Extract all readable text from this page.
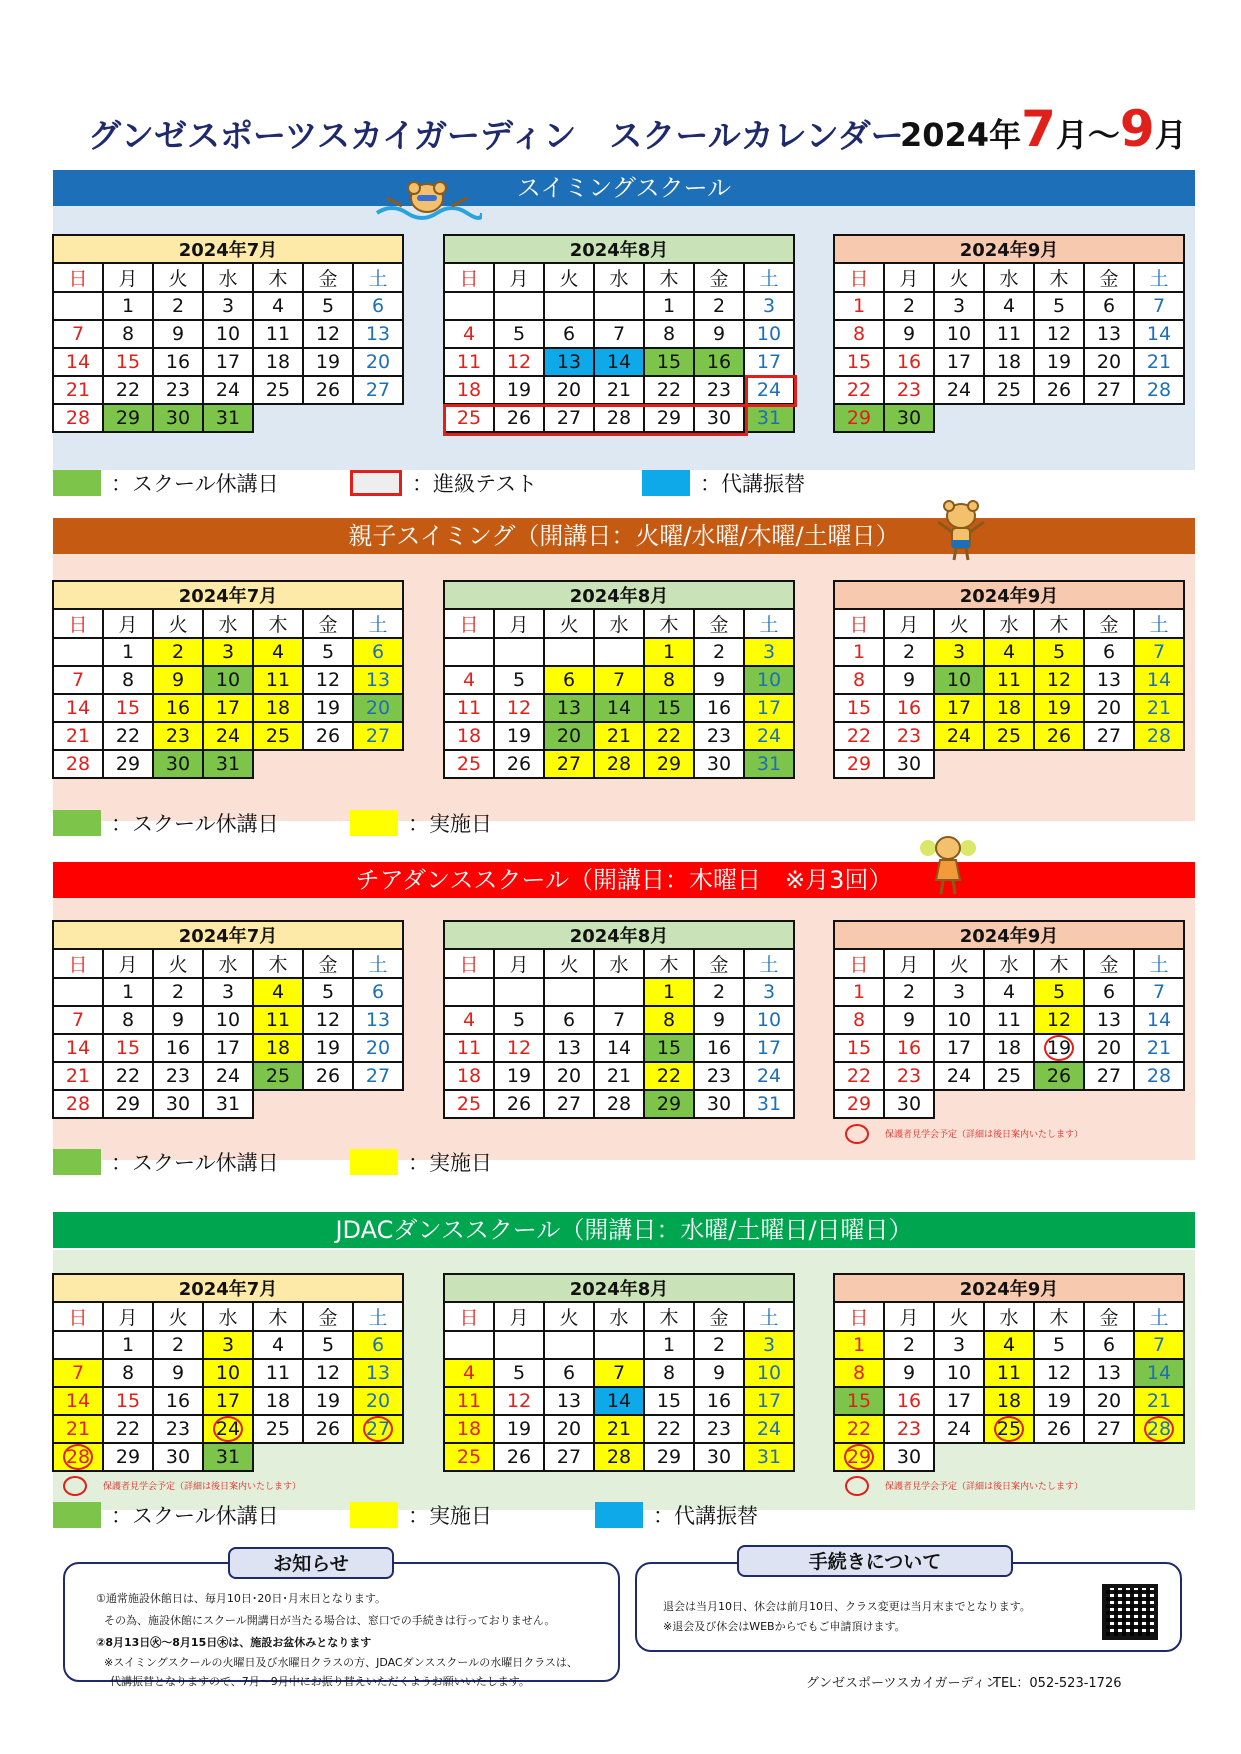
グンゼスポーツスカイガーディン　スクールカレンダー
2024年7月～9月
スイミングスクール
親子スイミング（開講日：火曜/水曜/木曜/土曜日）
チアダンススクール（開講日：木曜日　※月3回）
JDACダンススクール（開講日：水曜/土曜日/日曜日）
2024年7月						
日	月	火	水	木	金	土
	1	2	3	4	5	6
7	8	9	10	11	12	13
14	15	16	17	18	19	20
21	22	23	24	25	26	27
28	29	30	31			
2024年8月						
日	月	火	水	木	金	土
				1	2	3
4	5	6	7	8	9	10
11	12	13	14	15	16	17
18	19	20	21	22	23	24
25	26	27	28	29	30	31
2024年9月						
日	月	火	水	木	金	土
1	2	3	4	5	6	7
8	9	10	11	12	13	14
15	16	17	18	19	20	21
22	23	24	25	26	27	28
29	30					
：スクール休講日	：進級テスト	：代講振替
2024年7月						
日	月	火	水	木	金	土
	1	2	3	4	5	6
7	8	9	10	11	12	13
14	15	16	17	18	19	20
21	22	23	24	25	26	27
28	29	30	31			
2024年8月						
日	月	火	水	木	金	土
				1	2	3
4	5	6	7	8	9	10
11	12	13	14	15	16	17
18	19	20	21	22	23	24
25	26	27	28	29	30	31
2024年9月						
日	月	火	水	木	金	土
1	2	3	4	5	6	7
8	9	10	11	12	13	14
15	16	17	18	19	20	21
22	23	24	25	26	27	28
29	30					
：スクール休講日	：実施日
2024年7月						
日	月	火	水	木	金	土
	1	2	3	4	5	6
7	8	9	10	11	12	13
14	15	16	17	18	19	20
21	22	23	24	25	26	27
28	29	30	31			
2024年8月						
日	月	火	水	木	金	土
				1	2	3
4	5	6	7	8	9	10
11	12	13	14	15	16	17
18	19	20	21	22	23	24
25	26	27	28	29	30	31
2024年9月						
日	月	火	水	木	金	土
1	2	3	4	5	6	7
8	9	10	11	12	13	14
15	16	17	18	19	20	21
22	23	24	25	26	27	28
29	30					
保護者見学会予定（詳細は後日案内いたします）
：スクール休講日	：実施日
2024年7月						
日	月	火	水	木	金	土
	1	2	3	4	5	6
7	8	9	10	11	12	13
14	15	16	17	18	19	20
21	22	23	24	25	26	27
28	29	30	31			
2024年8月						
日	月	火	水	木	金	土
				1	2	3
4	5	6	7	8	9	10
11	12	13	14	15	16	17
18	19	20	21	22	23	24
25	26	27	28	29	30	31
2024年9月						
日	月	火	水	木	金	土
1	2	3	4	5	6	7
8	9	10	11	12	13	14
15	16	17	18	19	20	21
22	23	24	25	26	27	28
29	30					
保護者見学会予定（詳細は後日案内いたします）	保護者見学会予定（詳細は後日案内いたします）
：スクール休講日	：実施日	：代講振替
お知らせ
①通常施設休館日は、毎月10日･20日･月末日となります。
その為、施設休館にスクール開講日が当たる場合は、窓口での手続きは行っておりません。
②8月13日㊋～8月15日㊍は、施設お盆休みとなります
※スイミングスクールの火曜日及び水曜日クラスの方、JDACダンススクールの水曜日クラスは、
代講振替となりますので、7月～9月中にお振り替えいただくようお願いいたします。
手続きについて
退会は当月10日、休会は前月10日、クラス変更は当月末までとなります。
※退会及び休会はWEBからでもご申請頂けます。
グンゼスポーツスカイガーディン
TEL：052-523-1726
